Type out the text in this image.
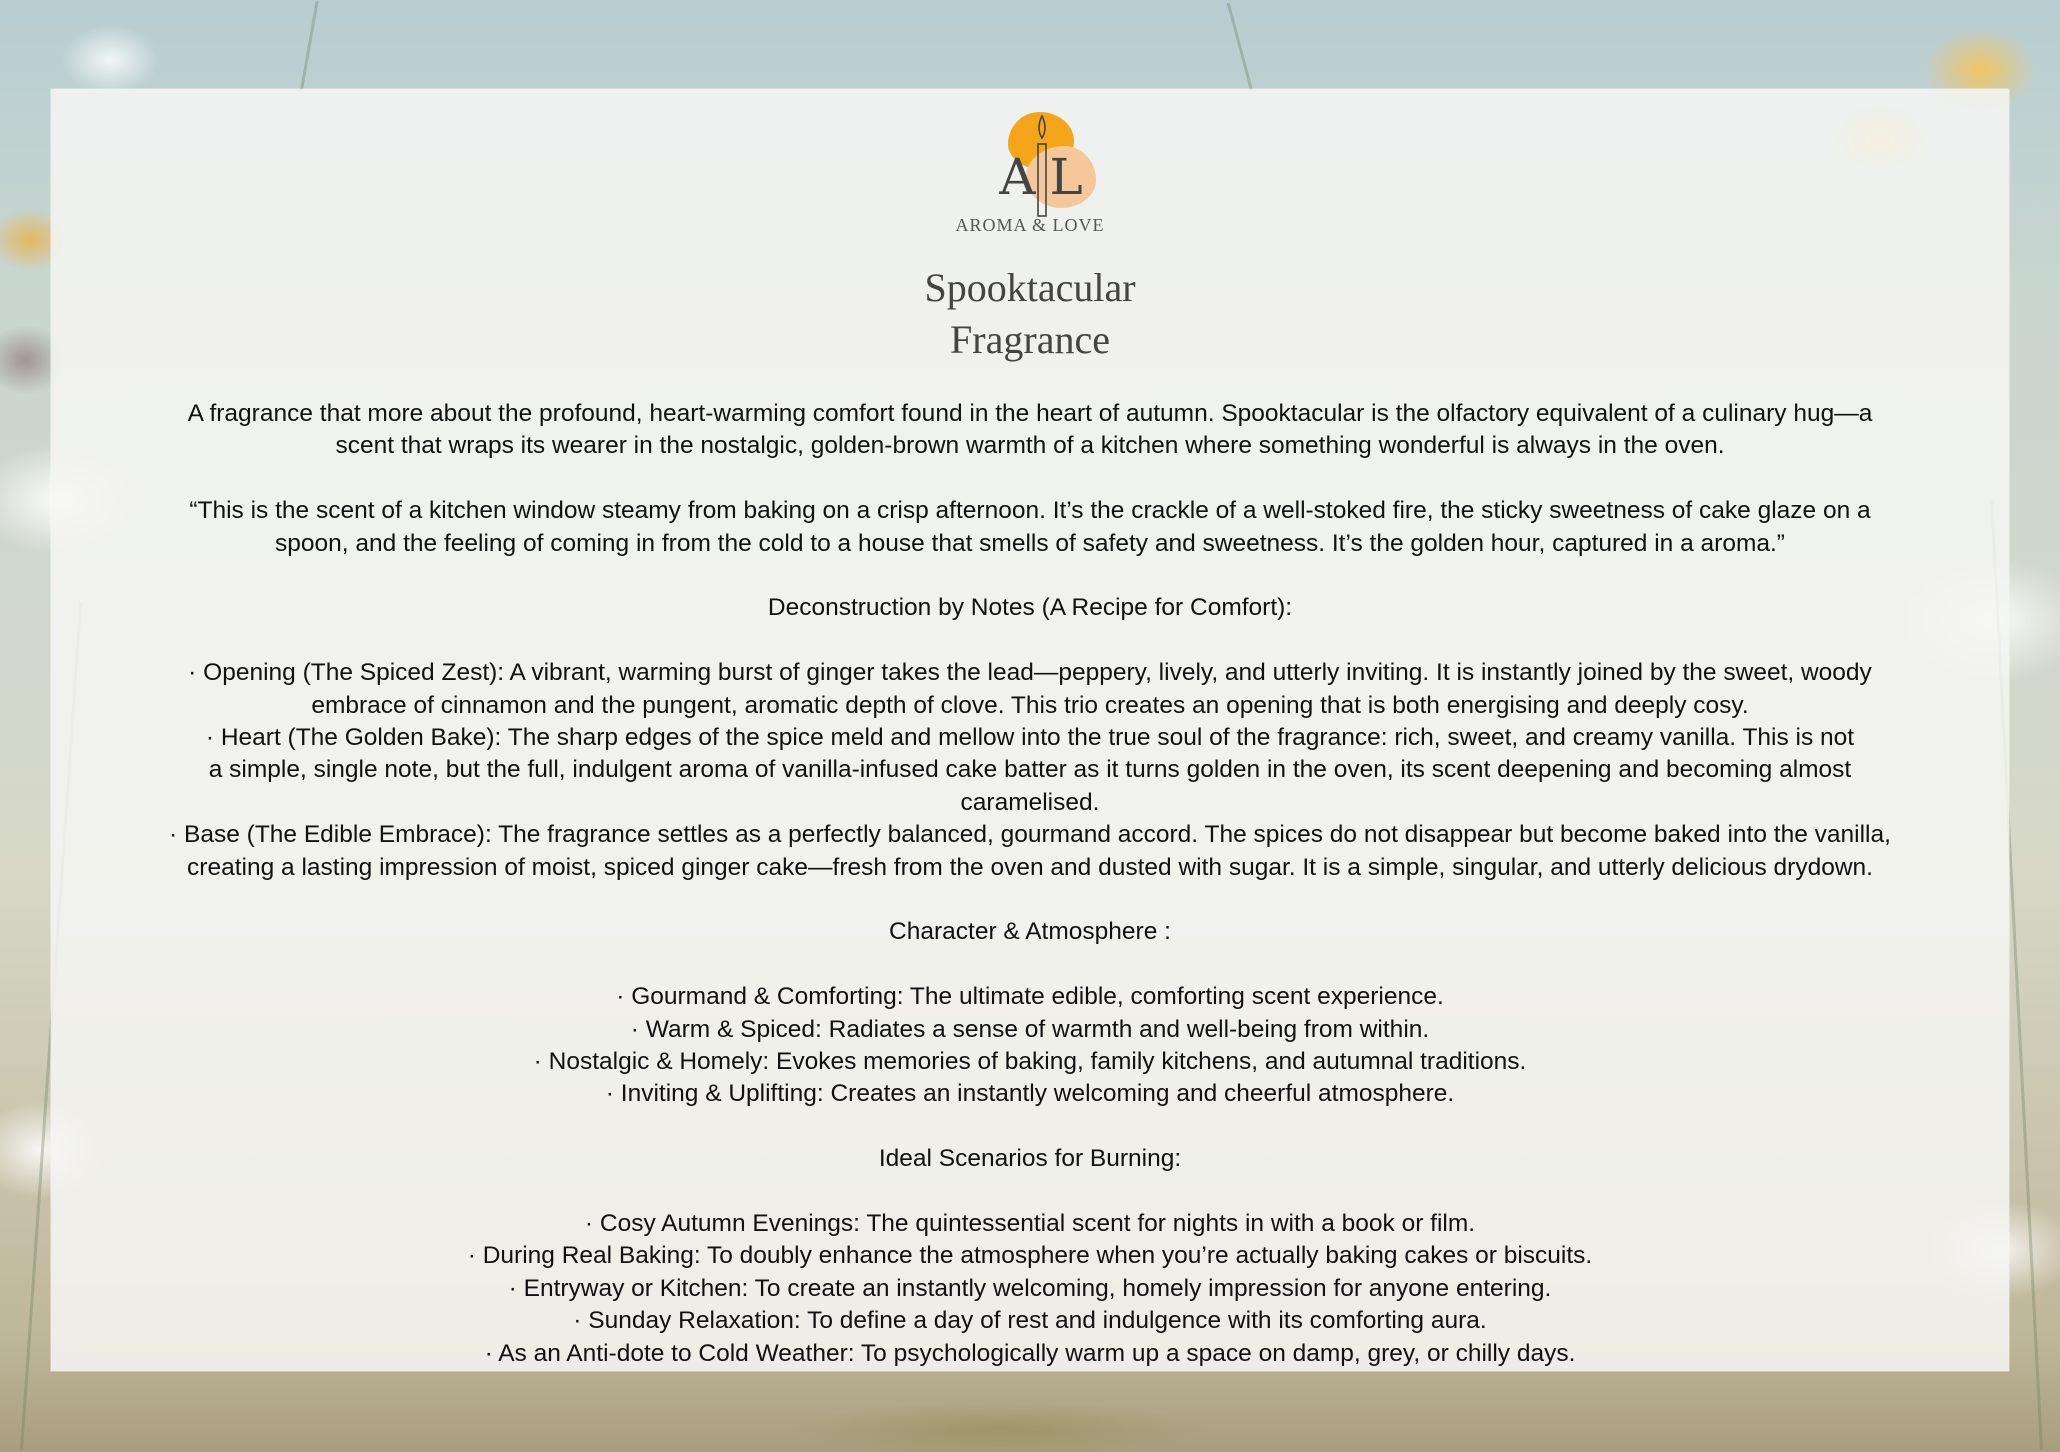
AL
AROMA & LOVE
Spooktacular
Fragrance

A fragrance that more about the profound, heart-warming comfort found in the heart of autumn. Spooktacular is the olfactory equivalent of a culinary hug—a

scent that wraps its wearer in the nostalgic, golden-brown warmth of a kitchen where something wonderful is always in the oven.

“This is the scent of a kitchen window steamy from baking on a crisp afternoon. It’s the crackle of a well-stoked fire, the sticky sweetness of cake glaze on a

spoon, and the feeling of coming in from the cold to a house that smells of safety and sweetness. It’s the golden hour, captured in a aroma.”

Deconstruction by Notes (A Recipe for Comfort):

· Opening (The Spiced Zest): A vibrant, warming burst of ginger takes the lead—peppery, lively, and utterly inviting. It is instantly joined by the sweet, woody

embrace of cinnamon and the pungent, aromatic depth of clove. This trio creates an opening that is both energising and deeply cosy.

· Heart (The Golden Bake): The sharp edges of the spice meld and mellow into the true soul of the fragrance: rich, sweet, and creamy vanilla. This is not

a simple, single note, but the full, indulgent aroma of vanilla-infused cake batter as it turns golden in the oven, its scent deepening and becoming almost

caramelised.

· Base (The Edible Embrace): The fragrance settles as a perfectly balanced, gourmand accord. The spices do not disappear but become baked into the vanilla,

creating a lasting impression of moist, spiced ginger cake—fresh from the oven and dusted with sugar. It is a simple, singular, and utterly delicious drydown.

Character & Atmosphere :

· Gourmand & Comforting: The ultimate edible, comforting scent experience.

· Warm & Spiced: Radiates a sense of warmth and well-being from within.

· Nostalgic & Homely: Evokes memories of baking, family kitchens, and autumnal traditions.

· Inviting & Uplifting: Creates an instantly welcoming and cheerful atmosphere.

Ideal Scenarios for Burning:

· Cosy Autumn Evenings: The quintessential scent for nights in with a book or film.

· During Real Baking: To doubly enhance the atmosphere when you’re actually baking cakes or biscuits.

· Entryway or Kitchen: To create an instantly welcoming, homely impression for anyone entering.

· Sunday Relaxation: To define a day of rest and indulgence with its comforting aura.

· As an Anti-dote to Cold Weather: To psychologically warm up a space on damp, grey, or chilly days.
